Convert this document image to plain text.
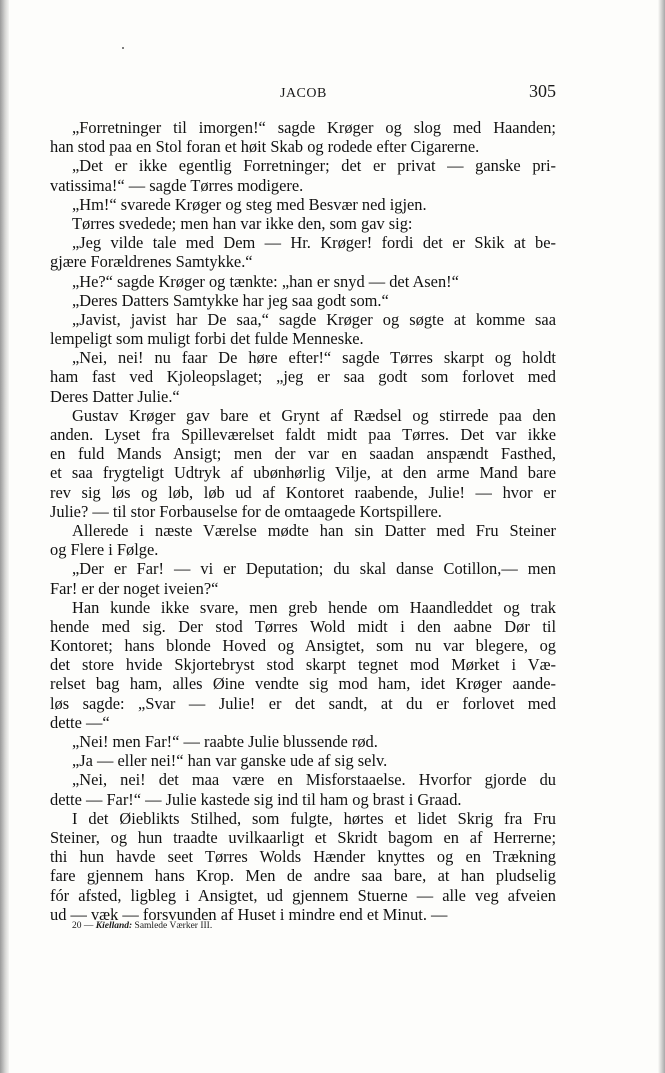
JACOB	305
„Forretninger til imorgen!“ sagde Krøger og slog med Haanden;
han stod paa en Stol foran et høit Skab og rodede efter Cigarerne.
„Det er ikke egentlig Forretninger; det er privat — ganske pri-
vatissima!“ — sagde Tørres modigere.
„Hm!“ svarede Krøger og steg med Besvær ned igjen.
Tørres svedede; men han var ikke den, som gav sig:
„Jeg vilde tale med Dem — Hr. Krøger! fordi det er Skik at be-
gjære Forældrenes Samtykke.“
„He?“ sagde Krøger og tænkte: „han er snyd — det Asen!“
„Deres Datters Samtykke har jeg saa godt som.“
„Javist, javist har De saa,“ sagde Krøger og søgte at komme saa
lempeligt som muligt forbi det fulde Menneske.
„Nei, nei! nu faar De høre efter!“ sagde Tørres skarpt og holdt
ham fast ved Kjoleopslaget; „jeg er saa godt som forlovet med
Deres Datter Julie.“
Gustav Krøger gav bare et Grynt af Rædsel og stirrede paa den
anden. Lyset fra Spilleværelset faldt midt paa Tørres. Det var ikke
en fuld Mands Ansigt; men der var en saadan anspændt Fasthed,
et saa frygteligt Udtryk af ubønhørlig Vilje, at den arme Mand bare
rev sig løs og løb, løb ud af Kontoret raabende, Julie! — hvor er
Julie? — til stor Forbauselse for de omtaagede Kortspillere.
Allerede i næste Værelse mødte han sin Datter med Fru Steiner
og Flere i Følge.
„Der er Far! — vi er Deputation; du skal danse Cotillon,— men
Far! er der noget iveien?“
Han kunde ikke svare, men greb hende om Haandleddet og trak
hende med sig. Der stod Tørres Wold midt i den aabne Dør til
Kontoret; hans blonde Hoved og Ansigtet, som nu var blegere, og
det store hvide Skjortebryst stod skarpt tegnet mod Mørket i Væ-
relset bag ham, alles Øine vendte sig mod ham, idet Krøger aande-
løs sagde: „Svar — Julie! er det sandt, at du er forlovet med
dette —“
„Nei! men Far!“ — raabte Julie blussende rød.
„Ja — eller nei!“ han var ganske ude af sig selv.
„Nei, nei! det maa være en Misforstaaelse. Hvorfor gjorde du
dette — Far!“ — Julie kastede sig ind til ham og brast i Graad.
I det Øieblikts Stilhed, som fulgte, hørtes et lidet Skrig fra Fru
Steiner, og hun traadte uvilkaarligt et Skridt bagom en af Herrerne;
thi hun havde seet Tørres Wolds Hænder knyttes og en Trækning
fare gjennem hans Krop. Men de andre saa bare, at han pludselig
fór afsted, ligbleg i Ansigtet, ud gjennem Stuerne — alle veg afveien
ud — væk — forsvunden af Huset i mindre end et Minut. —
20 — Kielland: Samlede Værker III.
